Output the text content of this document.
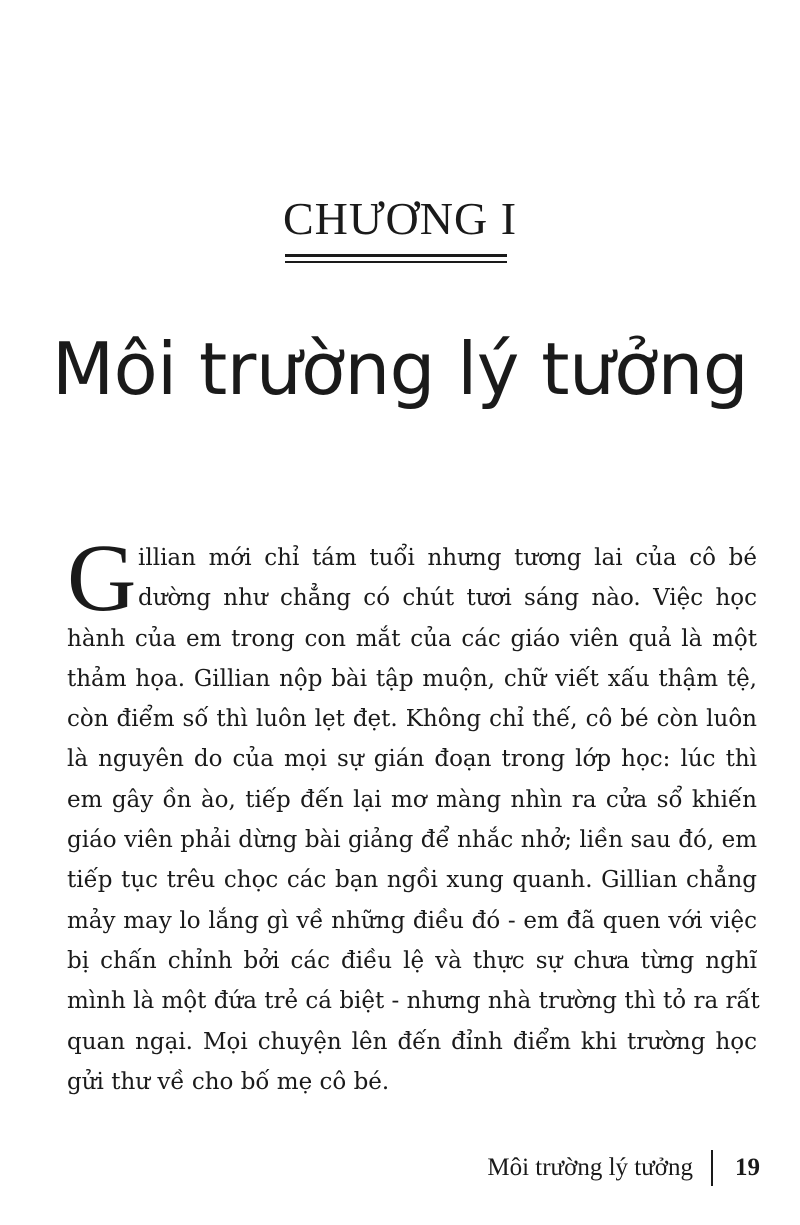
CHƯƠNG I
Môi trường lý tưởng
G illian mới chỉ tám tuổi nhưng tương lai của cô bé
dường như chẳng có chút tươi sáng nào. Việc học
hành của em trong con mắt của các giáo viên quả là một
thảm họa. Gillian nộp bài tập muộn, chữ viết xấu thậm tệ,
còn điểm số thì luôn lẹt đẹt. Không chỉ thế, cô bé còn luôn
là nguyên do của mọi sự gián đoạn trong lớp học: lúc thì
em gây ồn ào, tiếp đến lại mơ màng nhìn ra cửa sổ khiến
giáo viên phải dừng bài giảng để nhắc nhở; liền sau đó, em
tiếp tục trêu chọc các bạn ngồi xung quanh. Gillian chẳng
mảy may lo lắng gì về những điều đó - em đã quen với việc
bị chấn chỉnh bởi các điều lệ và thực sự chưa từng nghĩ
mình là một đứa trẻ cá biệt - nhưng nhà trường thì tỏ ra rất
quan ngại. Mọi chuyện lên đến đỉnh điểm khi trường học
gửi thư về cho bố mẹ cô bé.
Môi trường lý tưởng 19
